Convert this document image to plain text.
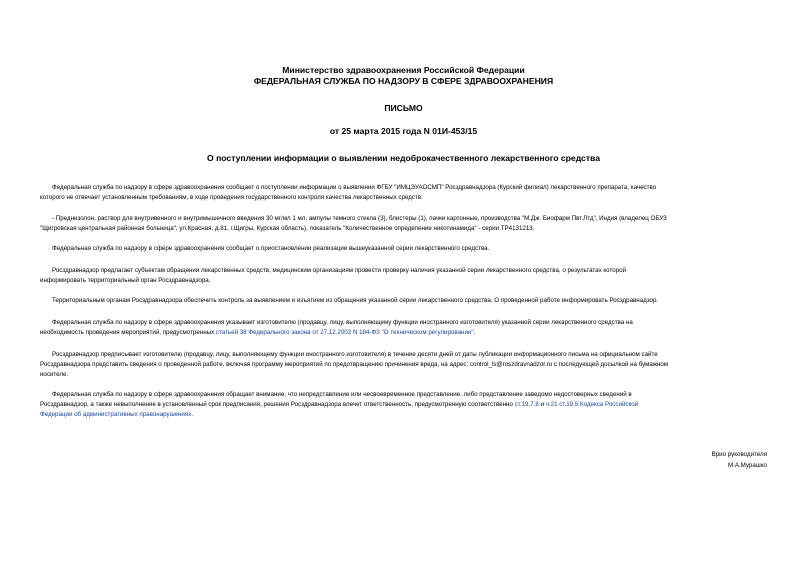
Министерство здравоохранения Российской Федерации
ФЕДЕРАЛЬНАЯ СЛУЖБА ПО НАДЗОРУ В СФЕРЕ ЗДРАВООХРАНЕНИЯ
ПИСЬМО
от 25 марта 2015 года N 01И-453/15
О поступлении информации о выявлении недоброкачественного лекарственного средства
Федеральная служба по надзору в сфере здравоохранения сообщает о поступлении информации о выявлении ФГБУ "ИМЦЭУАОСМП" Росздравнадзора (Курский филиал) лекарственного препарата, качество
которого не отвечает установленным требованиям, в ходе проведения государственного контроля качества лекарственных средств:
- Преднизолон, раствор для внутривенного и внутримышечного введения 30 мг/мл 1 мл, ампулы темного стекла (3), блистеры (1), пачки картонные, производства "М.Дж. Биофарм Пвт.Лтд", Индия (владелец ОБУЗ
"Щигровская центральная районная больница", ул.Красная, д.81, г.Щигры, Курская область), показатель "Количественное определение никотинамида" - серии TP4131213.
Федеральная служба по надзору в сфере здравоохранения сообщает о приостановлении реализации вышеуказанной серии лекарственного средства.
Росздравнадзор предлагает субъектам обращения лекарственных средств, медицинским организациям провести проверку наличия указанной серии лекарственного средства, о результатах которой
информировать территориальный орган Росздравнадзора.
Территориальным органам Росздравнадзора обеспечить контроль за выявлением и изъятием из обращения указанной серии лекарственного средства. О проведенной работе информировать Росздравнадзор.
Федеральная служба по надзору в сфере здравоохранения указывает изготовителю (продавцу, лицу, выполняющему функции иностранного изготовителя) указанной серии лекарственного средства на
необходимость проведения мероприятий, предусмотренных статьей 38 Федерального закона от 27.12.2002 N 184-ФЗ "О техническом регулировании".
Росздравнадзор предписывает изготовителю (продавцу, лицу, выполняющему функции иностранного изготовителя) в течение десяти дней от даты публикации информационного письма на официальном сайте
Росздравнадзора представить сведения о проведенной работе, включая программу мероприятий по предотвращению причинения вреда, на адрес: control_ls@roszdravnadzor.ru с последующей досылкой на бумажном
носителе.
Федеральная служба по надзору в сфере здравоохранения обращает внимание, что непредставление или несвоевременное представление, либо представление заведомо недостоверных сведений в
Росздравнадзор, а также невыполнение в установленный срок предписания, решения Росздравнадзора влечет ответственность, предусмотренную соответственно ст.19.7.8 и ч.21 ст.19.5 Кодекса Российской
Федерации об административных правонарушениях.
Врио руководителя
М.А.Мурашко
